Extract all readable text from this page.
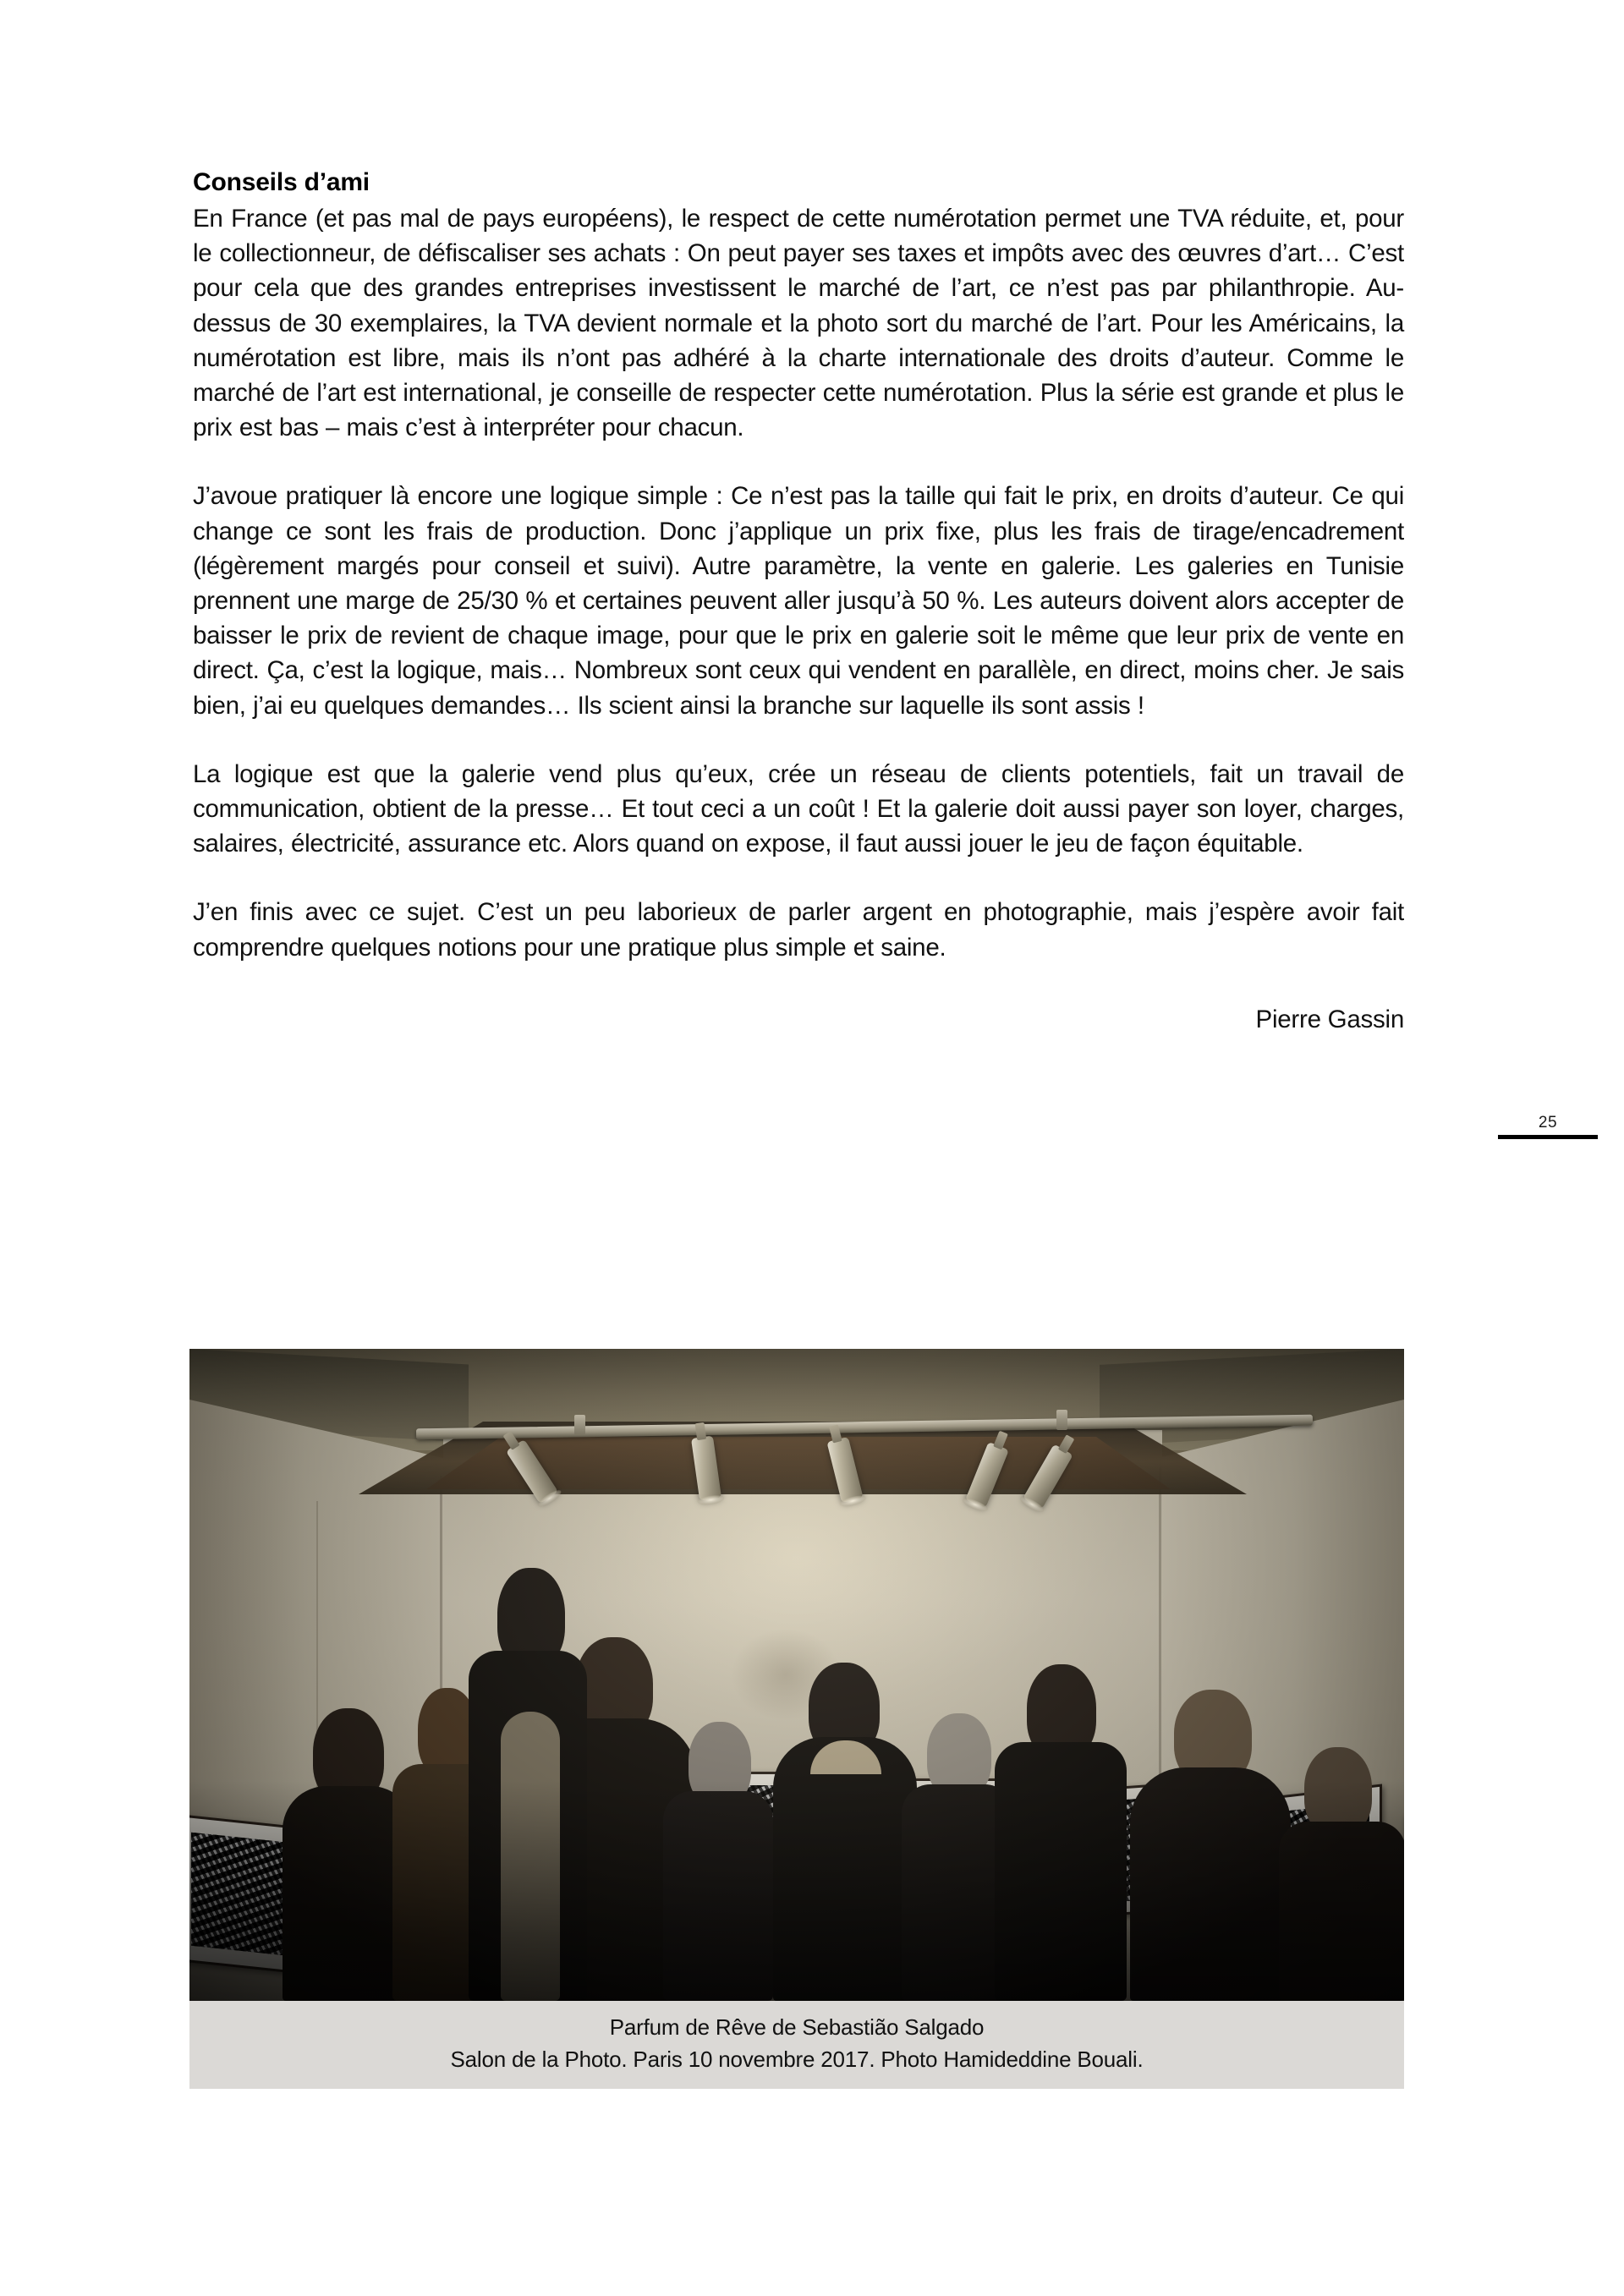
Conseils d’ami

En France (et pas mal de pays européens), le respect de cette numérotation permet une TVA réduite, et, pour le collectionneur, de défiscaliser ses achats : On peut payer ses taxes et impôts avec des œuvres d’art… C’est pour cela que des grandes entreprises investissent le marché de l’art, ce n’est pas par philanthropie. Au-dessus de 30 exemplaires, la TVA devient normale et la photo sort du marché de l’art. Pour les Américains, la numérotation est libre, mais ils n’ont pas adhéré à la charte internationale des droits d’auteur. Comme le marché de l’art est international, je conseille de respecter cette numérotation. Plus la série est grande et plus le prix est bas – mais c’est à interpréter pour chacun.

J’avoue pratiquer là encore une logique simple : Ce n’est pas la taille qui fait le prix, en droits d’auteur. Ce qui change ce sont les frais de production. Donc j’applique un prix fixe, plus les frais de tirage/encadrement (légèrement margés pour conseil et suivi). Autre paramètre, la vente en galerie. Les galeries en Tunisie prennent une marge de 25/30 % et certaines peuvent aller jusqu’à 50 %. Les auteurs doivent alors accepter de baisser le prix de revient de chaque image, pour que le prix en galerie soit le même que leur prix de vente en direct. Ça, c’est la logique, mais… Nombreux sont ceux qui vendent en parallèle, en direct, moins cher. Je sais bien, j’ai eu quelques demandes… Ils scient ainsi la branche sur laquelle ils sont assis !

La logique est que la galerie vend plus qu’eux, crée un réseau de clients potentiels, fait un travail de communication, obtient de la presse… Et tout ceci a un coût ! Et la galerie doit aussi payer son loyer, charges, salaires, électricité, assurance etc. Alors quand on expose, il faut aussi jouer le jeu de façon équitable.

J’en finis avec ce sujet. C’est un peu laborieux de parler argent en photographie, mais j’espère avoir fait comprendre quelques notions pour une pratique plus simple et saine.

Pierre Gassin

25
Parfum de Rêve de Sebastião Salgado
Salon de la Photo. Paris 10 novembre 2017. Photo Hamideddine Bouali.
